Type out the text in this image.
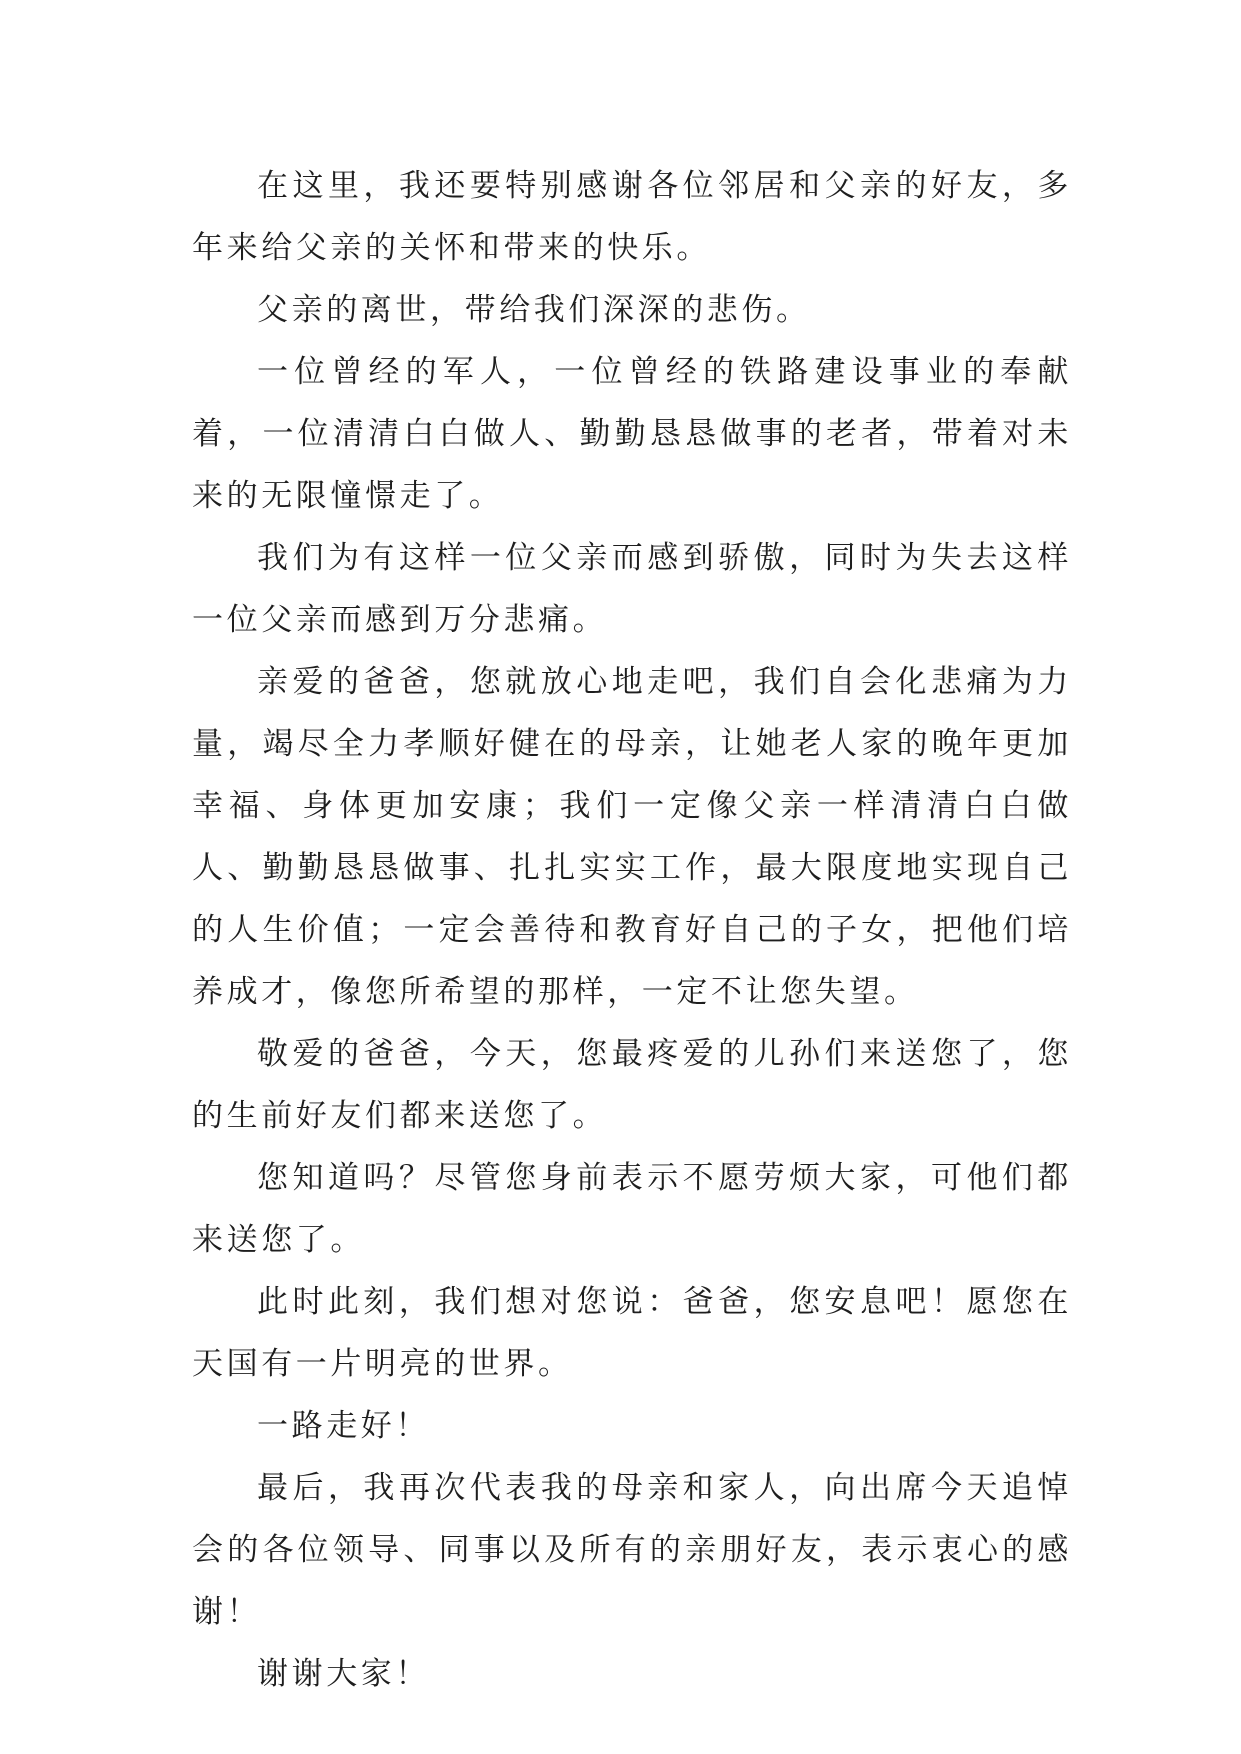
在这里，我还要特别感谢各位邻居和父亲的好友，多年来给父亲的关怀和带来的快乐。

父亲的离世，带给我们深深的悲伤。

一位曾经的军人，一位曾经的铁路建设事业的奉献着，一位清清白白做人、勤勤恳恳做事的老者，带着对未来的无限憧憬走了。

我们为有这样一位父亲而感到骄傲，同时为失去这样一位父亲而感到万分悲痛。

亲爱的爸爸，您就放心地走吧，我们自会化悲痛为力量，竭尽全力孝顺好健在的母亲，让她老人家的晚年更加幸福、身体更加安康；我们一定像父亲一样清清白白做人、勤勤恳恳做事、扎扎实实工作，最大限度地实现自己的人生价值；一定会善待和教育好自己的子女，把他们培养成才，像您所希望的那样，一定不让您失望。

敬爱的爸爸，今天，您最疼爱的儿孙们来送您了，您的生前好友们都来送您了。

您知道吗？尽管您身前表示不愿劳烦大家，可他们都来送您了。

此时此刻，我们想对您说：爸爸，您安息吧！愿您在天国有一片明亮的世界。

一路走好！

最后，我再次代表我的母亲和家人，向出席今天追悼会的各位领导、同事以及所有的亲朋好友，表示衷心的感谢！

谢谢大家！
